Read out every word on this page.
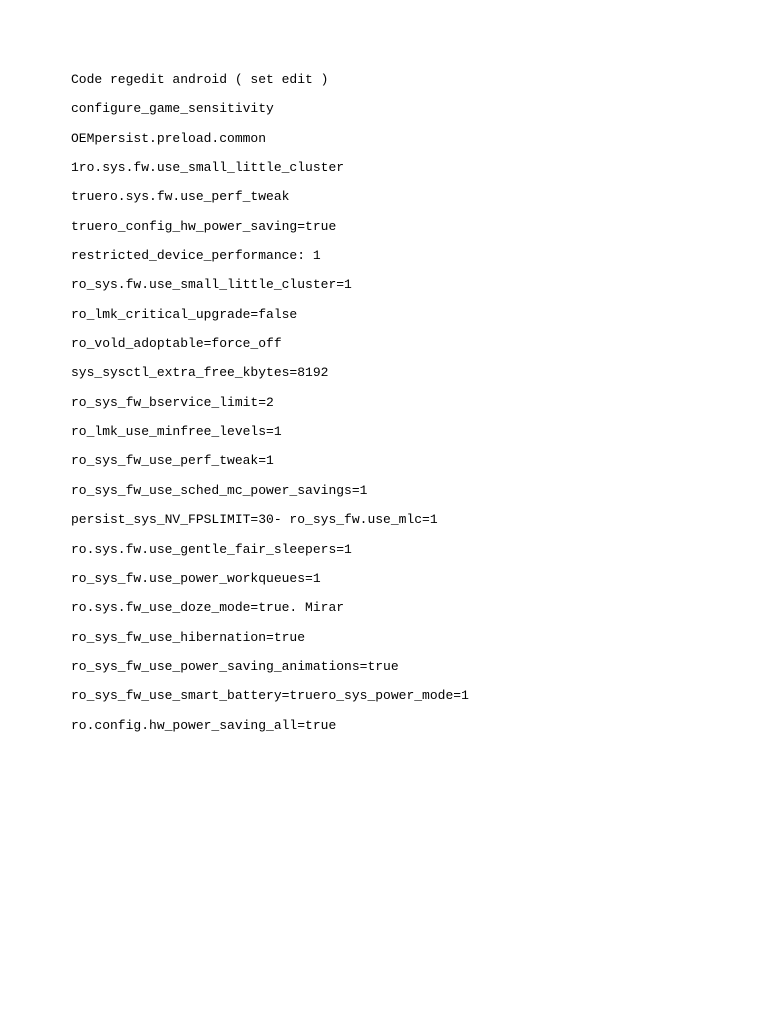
Code regedit android ( set edit )

configure_game_sensitivity

OEMpersist.preload.common

1ro.sys.fw.use_small_little_cluster

truero.sys.fw.use_perf_tweak

truero_config_hw_power_saving=true

restricted_device_performance: 1

ro_sys.fw.use_small_little_cluster=1

ro_lmk_critical_upgrade=false

ro_vold_adoptable=force_off

sys_sysctl_extra_free_kbytes=8192

ro_sys_fw_bservice_limit=2

ro_lmk_use_minfree_levels=1

ro_sys_fw_use_perf_tweak=1

ro_sys_fw_use_sched_mc_power_savings=1

persist_sys_NV_FPSLIMIT=30- ro_sys_fw.use_mlc=1

ro.sys.fw.use_gentle_fair_sleepers=1

ro_sys_fw.use_power_workqueues=1

ro.sys.fw_use_doze_mode=true. Mirar

ro_sys_fw_use_hibernation=true

ro_sys_fw_use_power_saving_animations=true

ro_sys_fw_use_smart_battery=truero_sys_power_mode=1

ro.config.hw_power_saving_all=true
